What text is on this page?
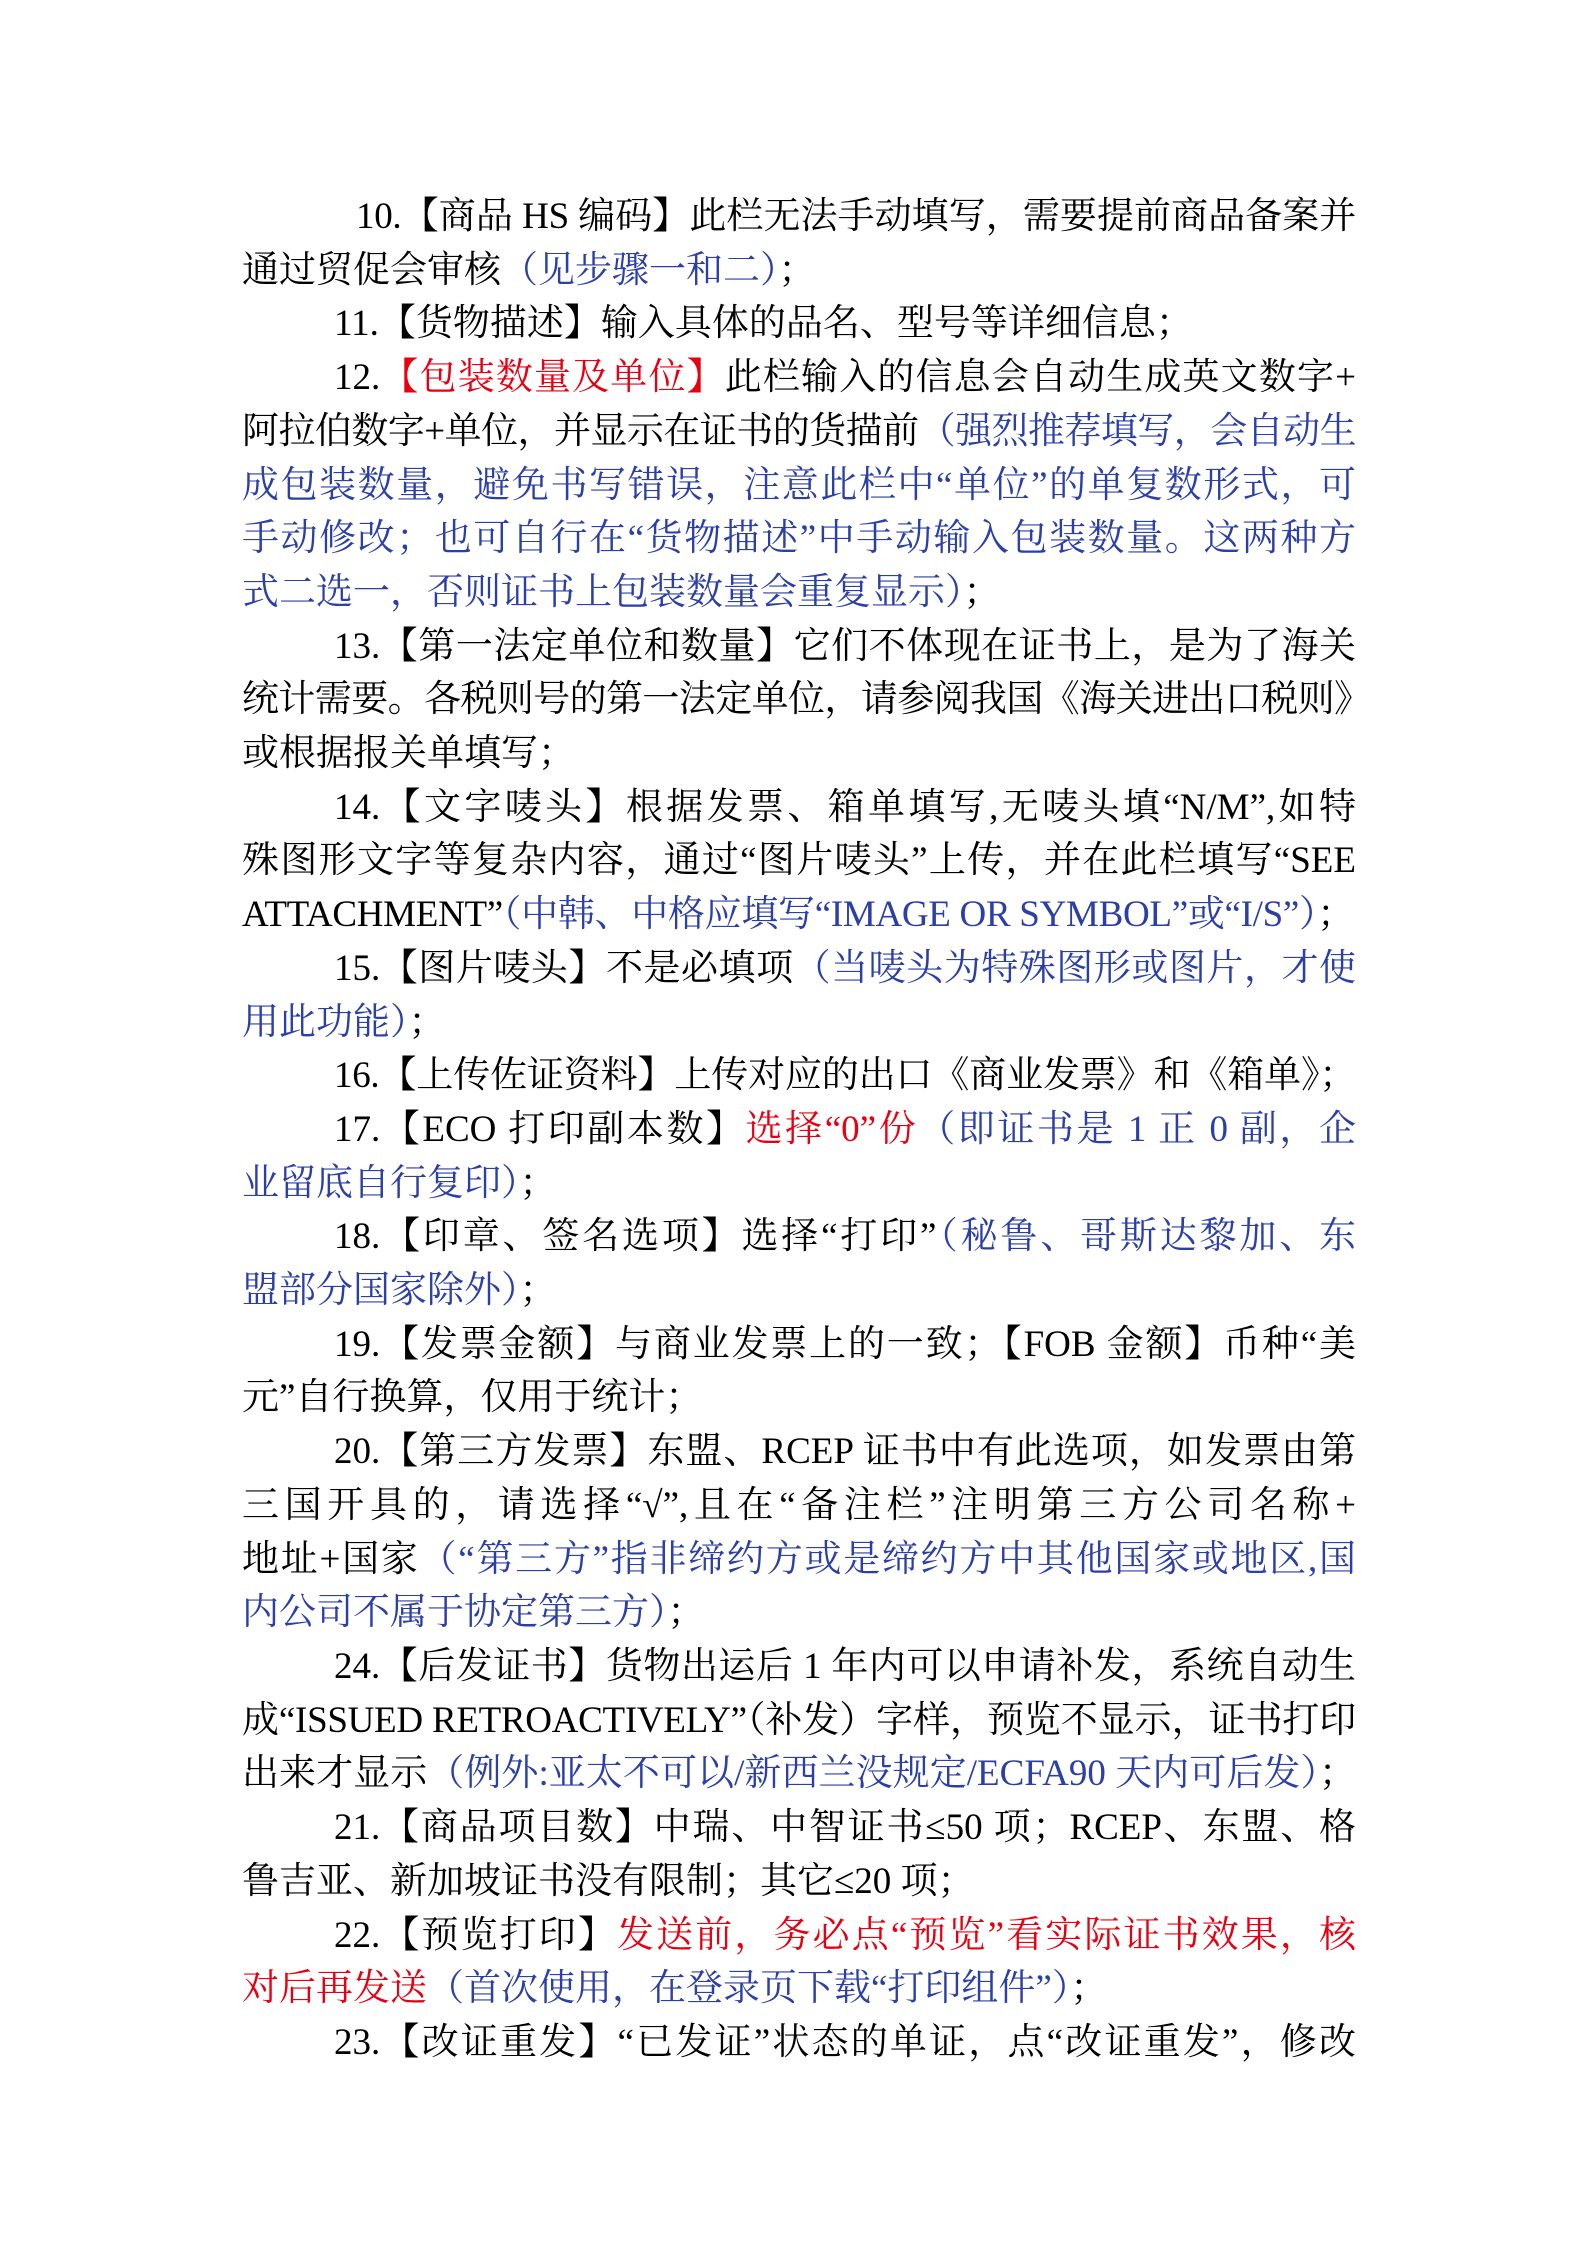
10.【商品 HS 编码】此栏无法手动填写，需要提前商品备案并
通过贸促会审核（见步骤一和二）；
11.【货物描述】输入具体的品名、型号等详细信息；
12.【包装数量及单位】此栏输入的信息会自动生成英文数字+
阿拉伯数字+单位，并显示在证书的货描前（强烈推荐填写，会自动生
成包装数量，避免书写错误，注意此栏中“单位”的单复数形式，可
手动修改；也可自行在“货物描述”中手动输入包装数量。这两种方
式二选一，否则证书上包装数量会重复显示）；
13.【第一法定单位和数量】它们不体现在证书上，是为了海关
统计需要。各税则号的第一法定单位，请参阅我国《海关进出口税则》
或根据报关单填写；
14.【文字唛头】根据发票、箱单填写,无唛头填“N/M”,如特
殊图形文字等复杂内容，通过“图片唛头”上传，并在此栏填写“SEE
ATTACHMENT”（中韩、中格应填写“IMAGE OR SYMBOL”或“I/S”）；
15.【图片唛头】不是必填项（当唛头为特殊图形或图片，才使
用此功能）；
16.【上传佐证资料】上传对应的出口《商业发票》和《箱单》；
17.【ECO 打印副本数】选择“0”份（即证书是 1 正 0 副，企
业留底自行复印）；
18.【印章、签名选项】选择“打印”（秘鲁、哥斯达黎加、东
盟部分国家除外）；
19.【发票金额】与商业发票上的一致；【FOB 金额】币种“美
元”自行换算，仅用于统计；
20.【第三方发票】东盟、RCEP 证书中有此选项，如发票由第
三国开具的，请选择“√”,且在“备注栏”注明第三方公司名称+
地址+国家（“第三方”指非缔约方或是缔约方中其他国家或地区,国
内公司不属于协定第三方）；
24.【后发证书】货物出运后 1 年内可以申请补发，系统自动生
成“ISSUED RETROACTIVELY”（补发）字样，预览不显示，证书打印
出来才显示（例外:亚太不可以/新西兰没规定/ECFA90 天内可后发）；
21.【商品项目数】中瑞、中智证书≤50 项；RCEP、东盟、格
鲁吉亚、新加坡证书没有限制；其它≤20 项；
22.【预览打印】发送前，务必点“预览”看实际证书效果，核
对后再发送（首次使用，在登录页下载“打印组件”）；
23.【改证重发】“已发证”状态的单证，点“改证重发”，修改
